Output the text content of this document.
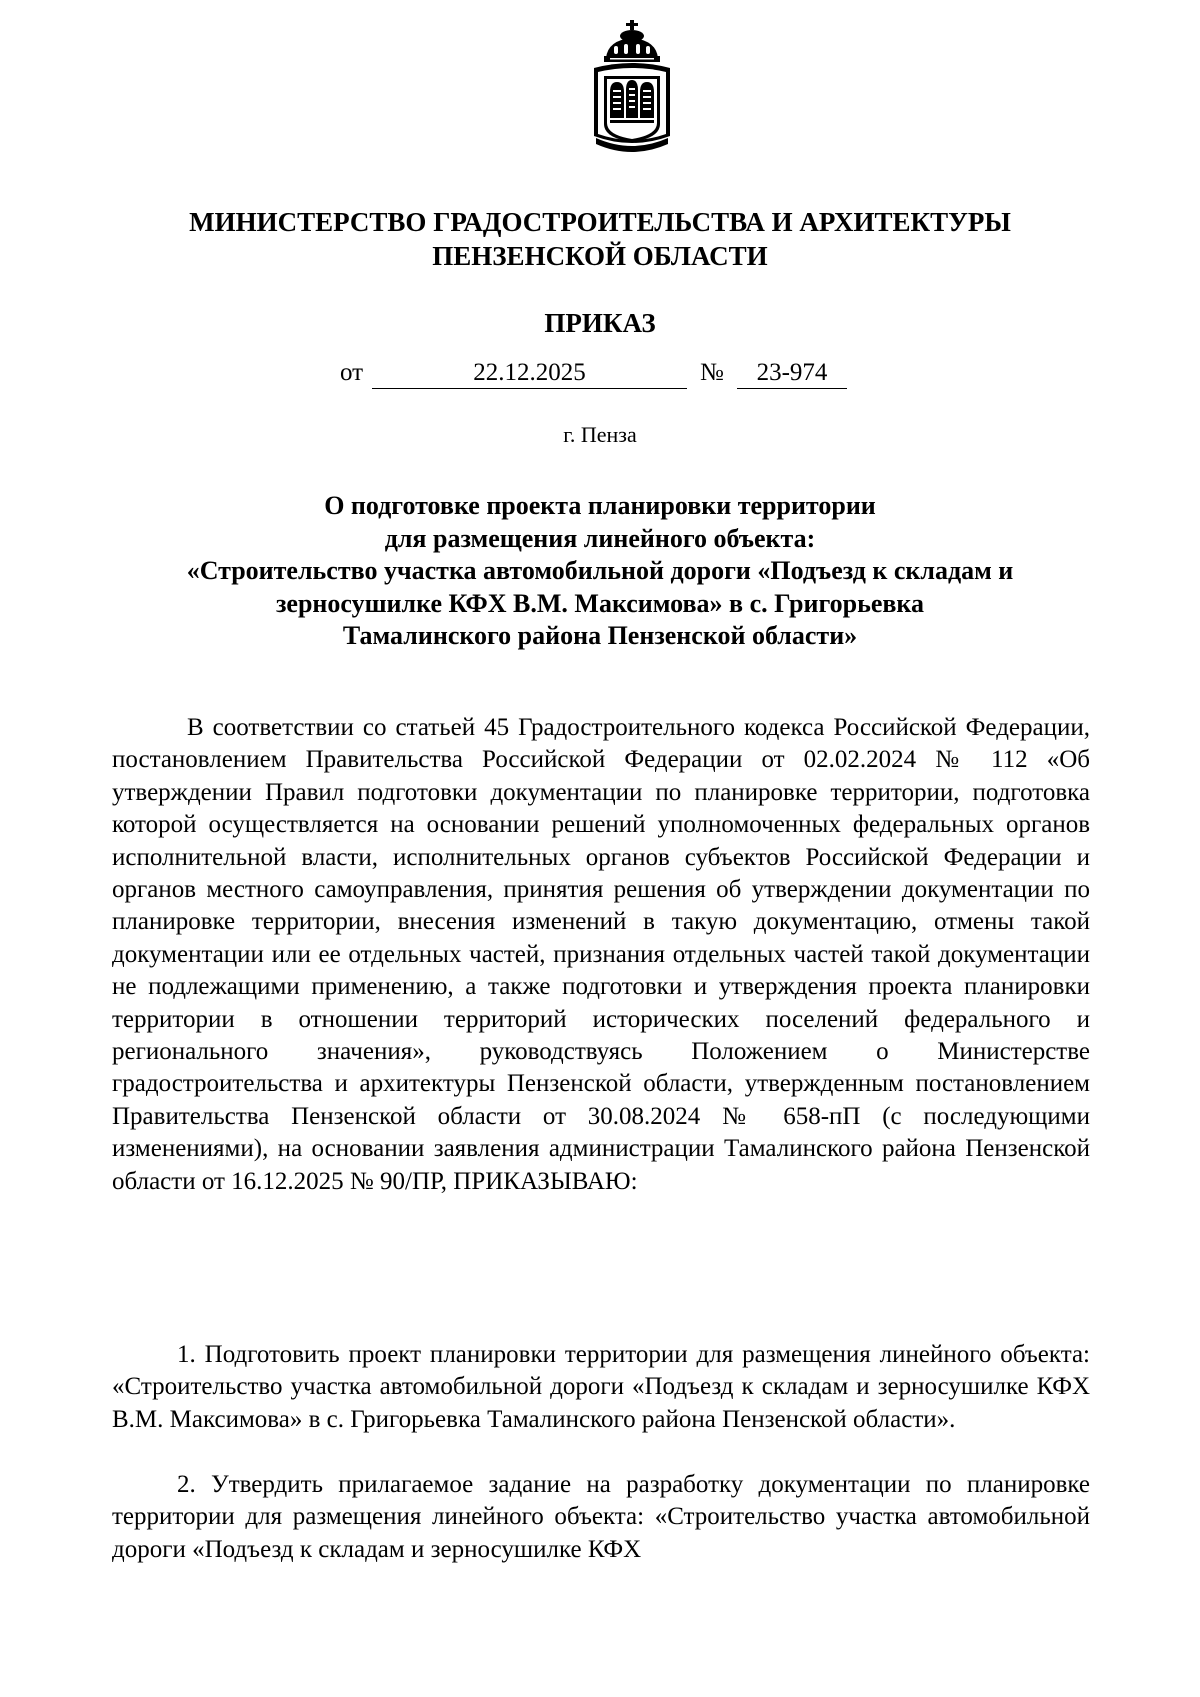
МИНИСТЕРСТВО ГРАДОСТРОИТЕЛЬСТВА И АРХИТЕКТУРЫ
ПЕНЗЕНСКОЙ ОБЛАСТИ
ПРИКАЗ
от	22.12.2025	№	23-974
г. Пенза
О подготовке проекта планировки территории
для размещения линейного объекта:
«Строительство участка автомобильной дороги «Подъезд к складам и
зерносушилке КФХ В.М. Максимова» в с. Григорьевка
Тамалинского района Пензенской области»

В соответствии со статьей 45 Градостроительного кодекса Российской Федерации, постановлением Правительства Российской Федерации от 02.02.2024 № 112 «Об утверждении Правил подготовки документации по планировке территории, подготовка которой осуществляется на основании решений уполномоченных федеральных органов исполнительной власти, исполнительных органов субъектов Российской Федерации и органов местного самоуправления, принятия решения об утверждении документации по планировке территории, внесения изменений в такую документацию, отмены такой документации или ее отдельных частей, признания отдельных частей такой документации не подлежащими применению, а также подготовки и утверждения проекта планировки территории в отношении территорий исторических поселений федерального и регионального значения», руководствуясь Положением о Министерстве градостроительства и архитектуры Пензенской области, утвержденным постановлением Правительства Пензенской области от 30.08.2024 № 658-пП (с последующими изменениями), на основании заявления администрации Тамалинского района Пензенской области от 16.12.2025 № 90/ПР, ПРИКАЗЫВАЮ:

1. Подготовить проект планировки территории для размещения линейного объекта: «Строительство участка автомобильной дороги «Подъезд к складам и зерносушилке КФХ В.М. Максимова» в с. Григорьевка Тамалинского района Пензенской области».

2. Утвердить прилагаемое задание на разработку документации по планировке территории для размещения линейного объекта: «Строительство участка автомобильной дороги «Подъезд к складам и зерносушилке КФХ
